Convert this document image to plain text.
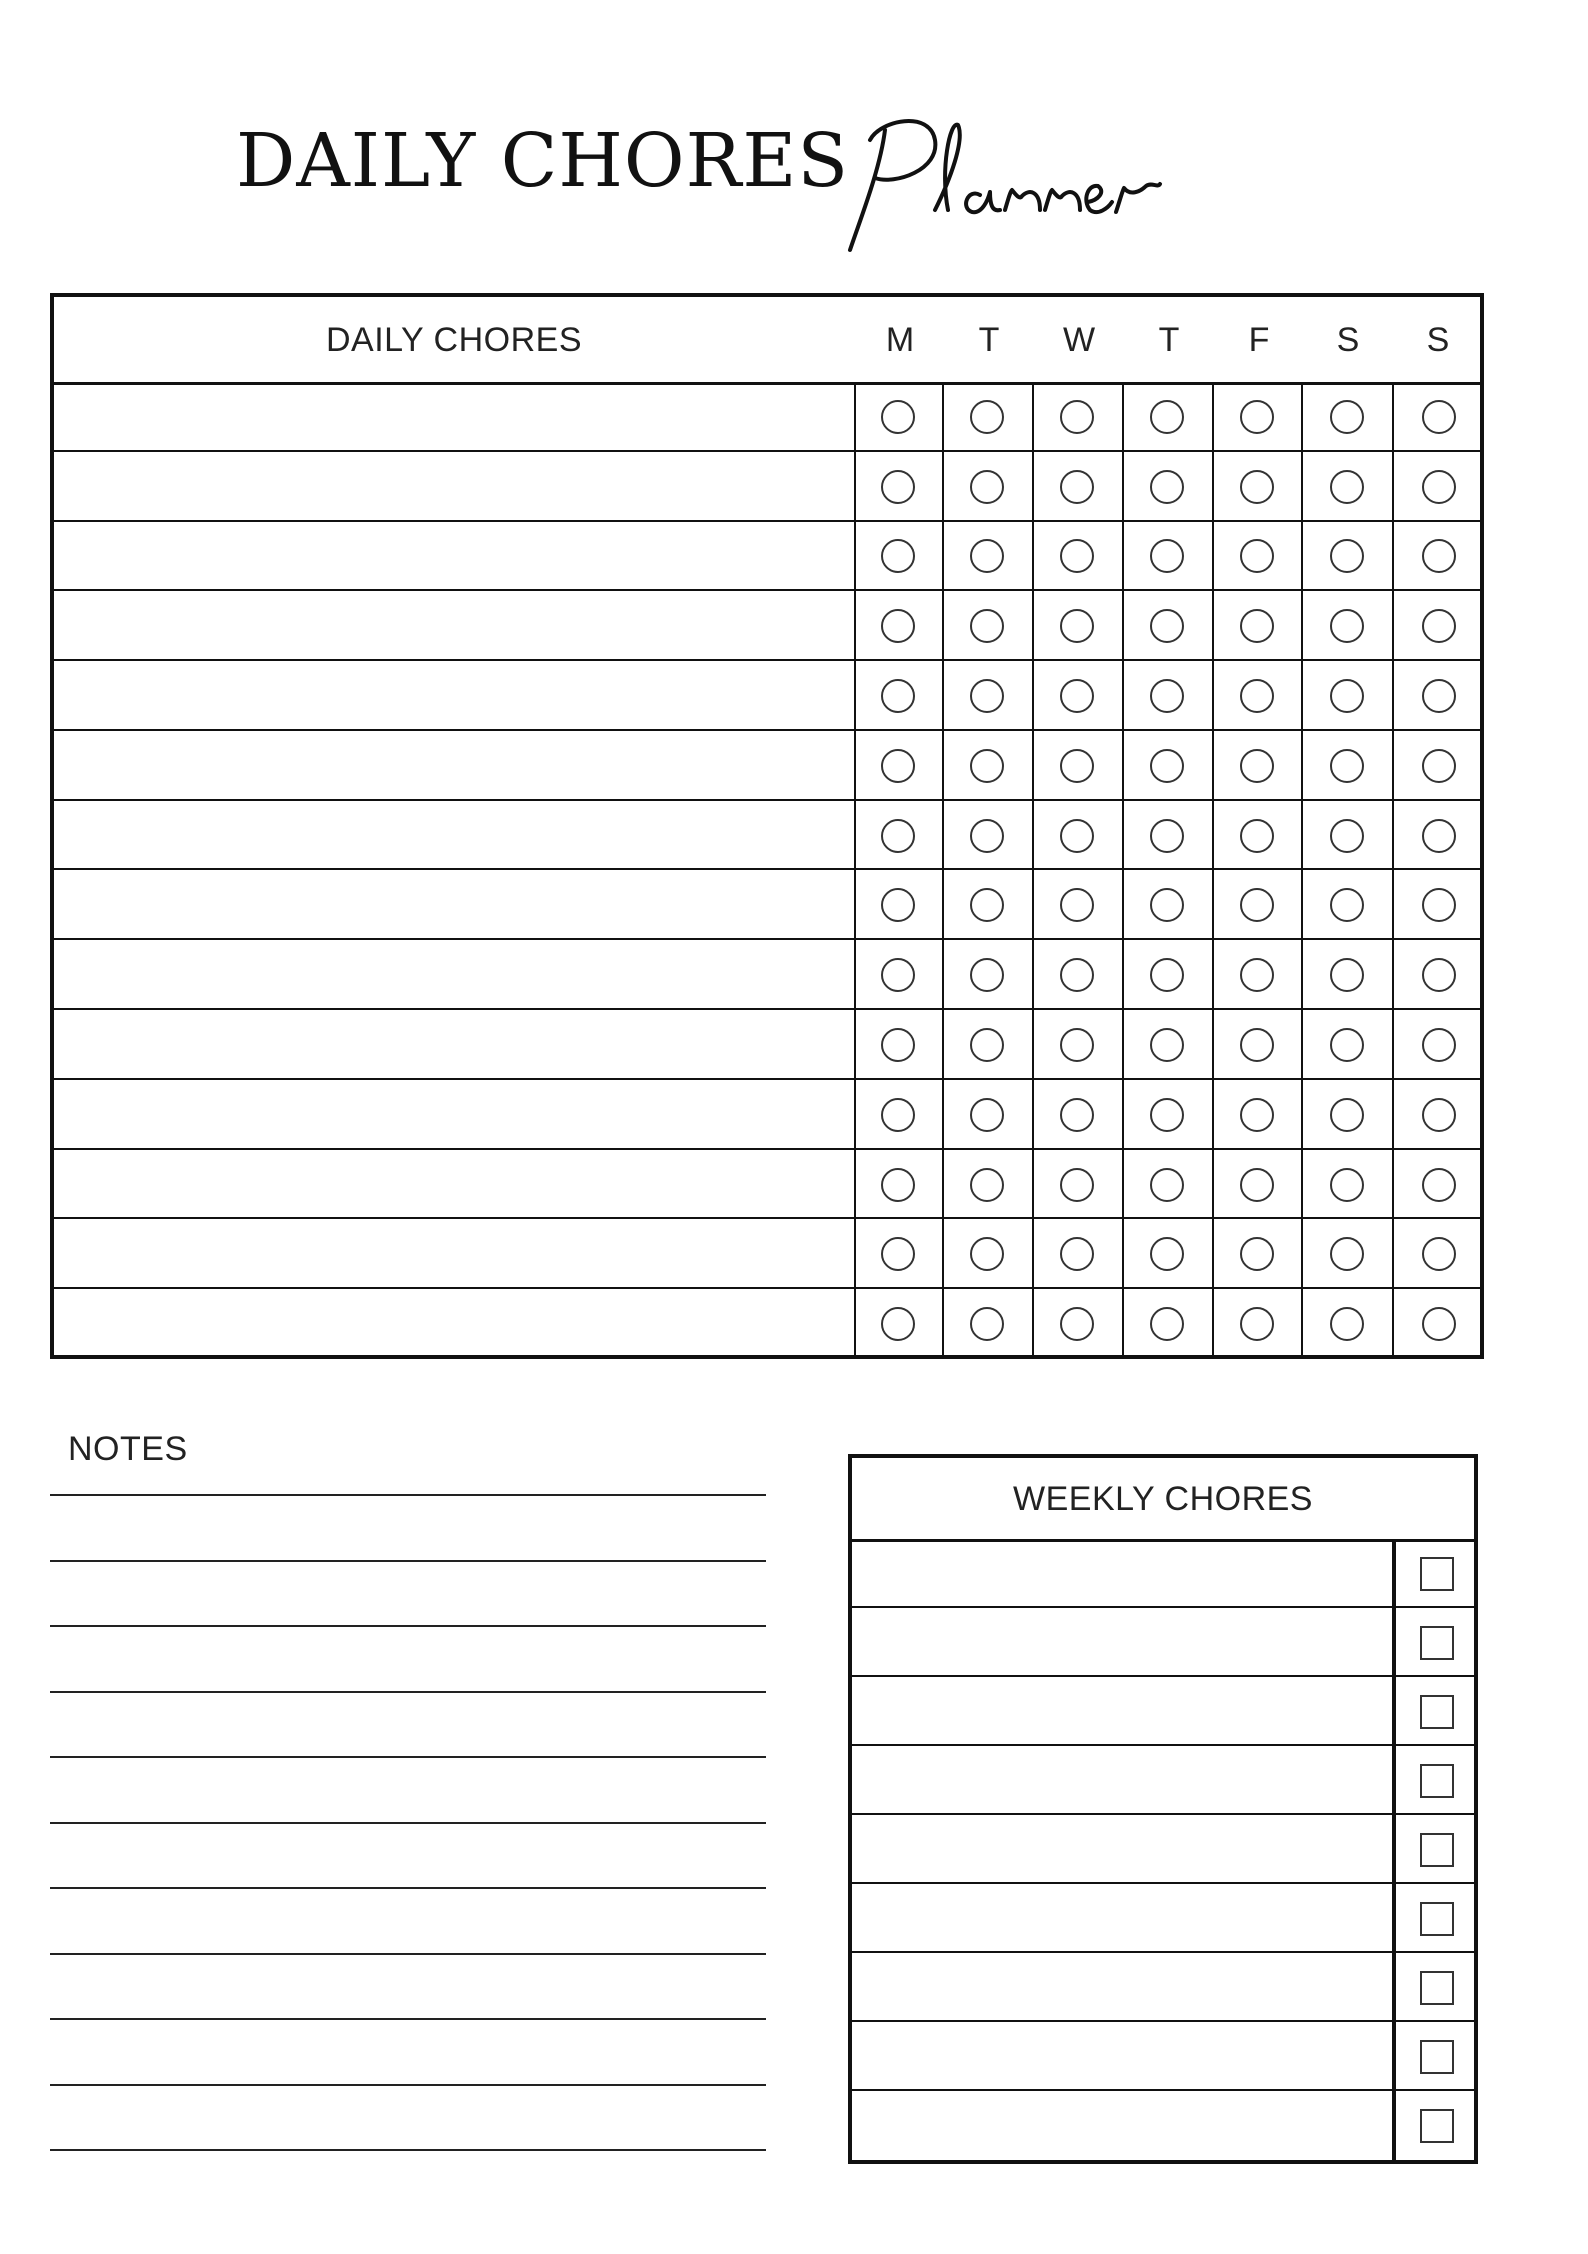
DAILY CHORES
DAILY CHORES	M	T	W	T	F	S	S
NOTES
WEEKLY CHORES
